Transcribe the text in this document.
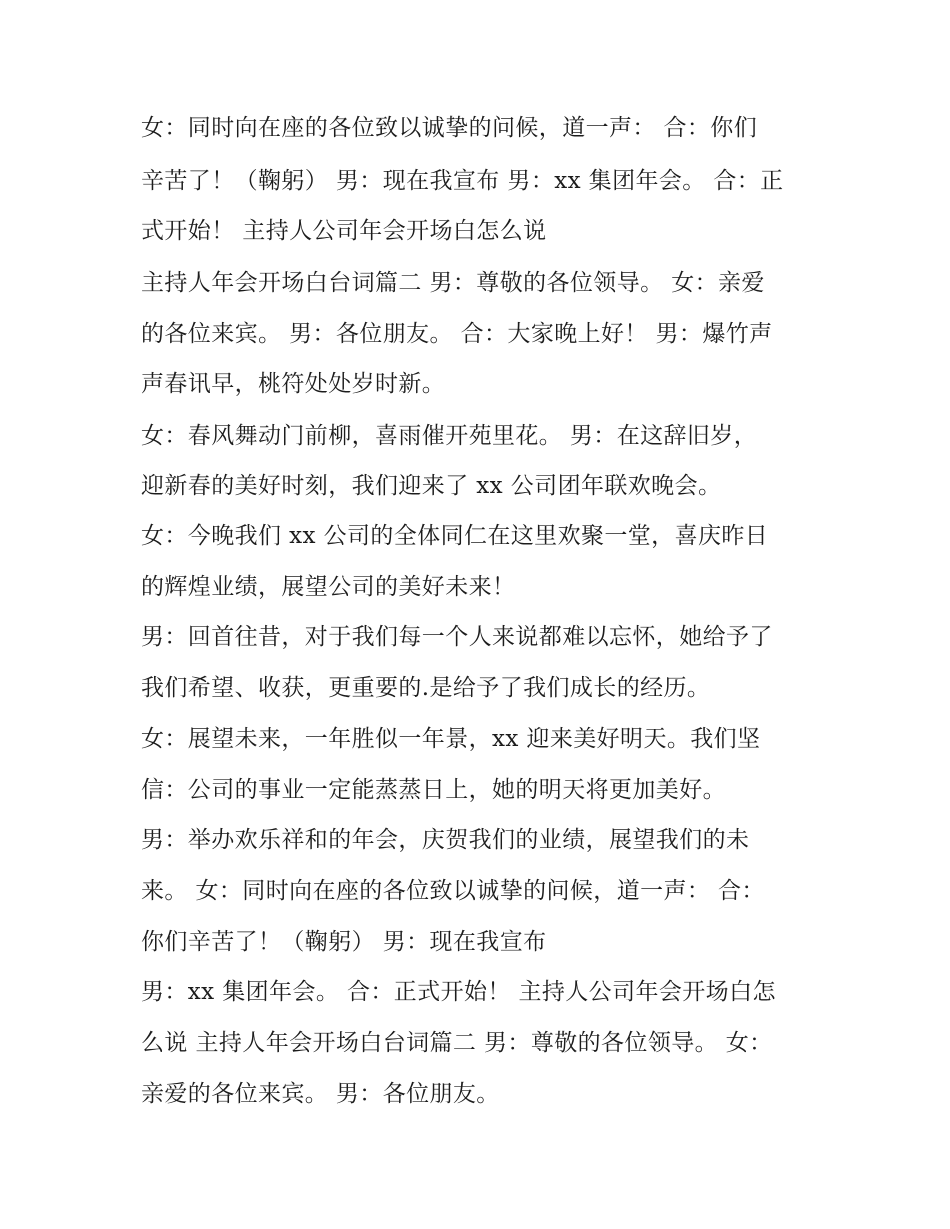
女：同时向在座的各位致以诚挚的问候，道一声： 合：你们
辛苦了！（鞠躬） 男：现在我宣布 男：xx 集团年会。 合：正
式开始！ 主持人公司年会开场白怎么说
主持人年会开场白台词篇二 男：尊敬的各位领导。 女：亲爱
的各位来宾。 男：各位朋友。 合：大家晚上好！ 男：爆竹声
声春讯早，桃符处处岁时新。
女：春风舞动门前柳，喜雨催开苑里花。 男：在这辞旧岁，
迎新春的美好时刻，我们迎来了 xx 公司团年联欢晚会。
女：今晚我们 xx 公司的全体同仁在这里欢聚一堂，喜庆昨日
的辉煌业绩，展望公司的美好未来！
男：回首往昔，对于我们每一个人来说都难以忘怀，她给予了
我们希望、收获，更重要的.是给予了我们成长的经历。
女：展望未来，一年胜似一年景，xx 迎来美好明天。我们坚
信：公司的事业一定能蒸蒸日上，她的明天将更加美好。
男：举办欢乐祥和的年会，庆贺我们的业绩，展望我们的未
来。 女：同时向在座的各位致以诚挚的问候，道一声： 合：
你们辛苦了！（鞠躬） 男：现在我宣布
男：xx 集团年会。 合：正式开始！ 主持人公司年会开场白怎
么说 主持人年会开场白台词篇二 男：尊敬的各位领导。 女：
亲爱的各位来宾。 男：各位朋友。
